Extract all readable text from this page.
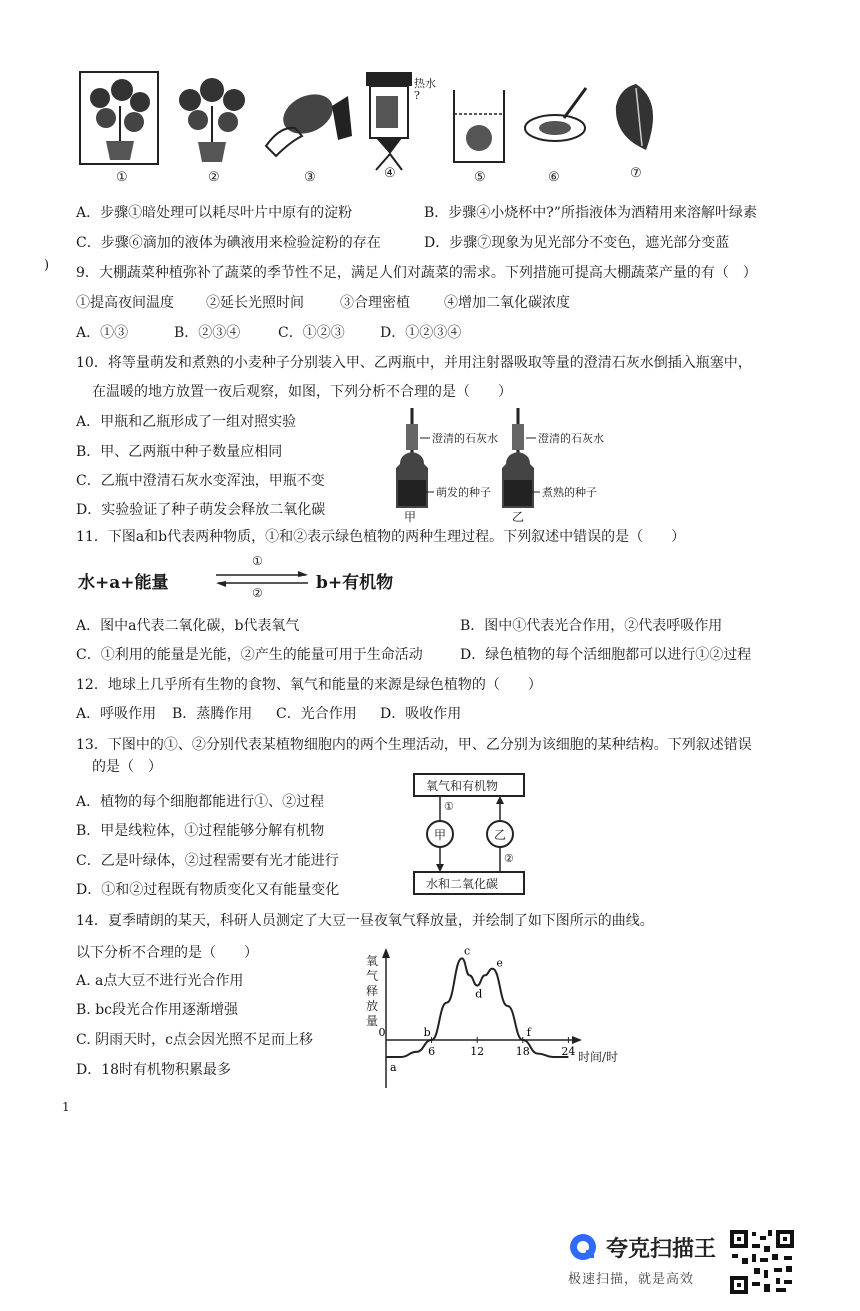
①	②	③	④	⑤	⑥	⑦
热水
?
A．步骤①暗处理可以耗尽叶片中原有的淀粉	B．步骤④小烧杯中?”所指液体为酒精用来溶解叶绿素
C．步骤⑥滴加的液体为碘液用来检验淀粉的存在	D．步骤⑦现象为见光部分不变色，遮光部分变蓝
) 9．大棚蔬菜种植弥补了蔬菜的季节性不足，满足人们对蔬菜的需求。下列措施可提高大棚蔬菜产量的有（　）
①提高夜间温度 ②延长光照时间	③合理密植 ④增加二氧化碳浓度
A．①③	B．②③④	C．①②③	D．①②③④
10．将等量萌发和煮熟的小麦种子分别装入甲、乙两瓶中，并用注射器吸取等量的澄清石灰水倒插入瓶塞中，
在温暖的地方放置一夜后观察，如图，下列分析不合理的是（　　）
A．甲瓶和乙瓶形成了一组对照实验
B．甲、乙两瓶中种子数量应相同
C．乙瓶中澄清石灰水变浑浊，甲瓶不变
D．实验验证了种子萌发会释放二氧化碳
澄清的石灰水	澄清的石灰水
萌发的种子	煮熟的种子
甲	乙
11．下图a和b代表两种物质，①和②表示绿色植物的两种生理过程。下列叙述中错误的是（　　）
水+a+能量
①
②	b+有机物
A．图中a代表二氧化碳，b代表氧气	B．图中①代表光合作用，②代表呼吸作用
C．①利用的能量是光能，②产生的能量可用于生命活动	D．绿色植物的每个活细胞都可以进行①②过程
12．地球上几乎所有生物的食物、氧气和能量的来源是绿色植物的（　　）
A．呼吸作用 B．蒸腾作用 C．光合作用 D．吸收作用
13．下图中的①、②分别代表某植物细胞内的两个生理活动，甲、乙分别为该细胞的某种结构。下列叙述错误
的是（　）
A．植物的每个细胞都能进行①、②过程
B．甲是线粒体，①过程能够分解有机物
C．乙是叶绿体，②过程需要有光才能进行
D．①和②过程既有物质变化又有能量变化
氧气和有机物
水和二氧化碳
甲	乙
①
②
14．夏季晴朗的某天，科研人员测定了大豆一昼夜氧气释放量，并绘制了如下图所示的曲线。
以下分析不合理的是（　　）
A. a点大豆不进行光合作用
B. bc段光合作用逐渐增强
C. 阴雨天时，c点会因光照不足而上移
D．18时有机物积累最多
0
6	12	18	24
a
b
c
d
e
f
氧气释放量
时间/时
1
夸克扫描王
极速扫描，就是高效
